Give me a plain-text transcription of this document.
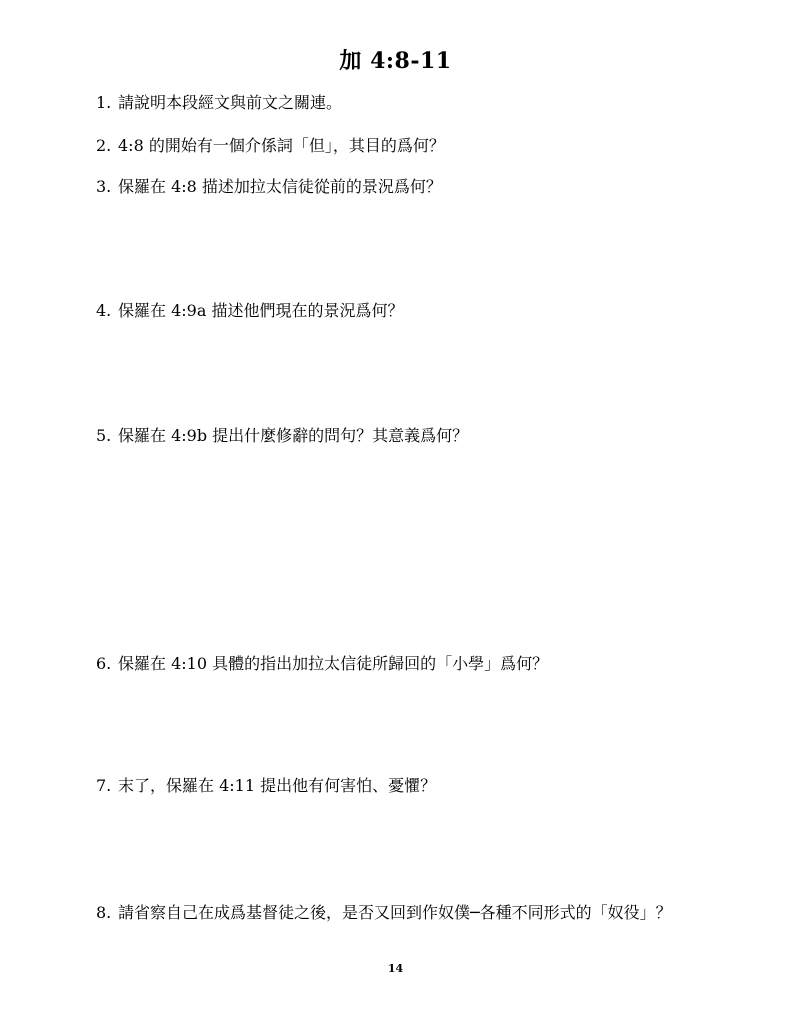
加 4:8-11
1. 請說明本段經文與前文之關連。
2. 4:8 的開始有一個介係詞「但」，其目的爲何？
3. 保羅在 4:8 描述加拉太信徒從前的景況爲何？
4. 保羅在 4:9a 描述他們現在的景況爲何？
5. 保羅在 4:9b 提出什麼修辭的問句？其意義爲何？
6. 保羅在 4:10 具體的指出加拉太信徒所歸回的「小學」爲何？
7. 末了，保羅在 4:11 提出他有何害怕、憂懼？
8. 請省察自己在成爲基督徒之後，是否又回到作奴僕─各種不同形式的「奴役」？
14
